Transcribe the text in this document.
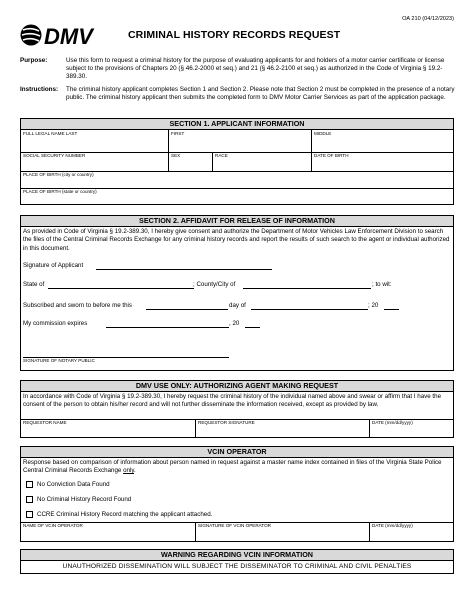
DMV	CRIMINAL HISTORY RECORDS REQUEST
OA 210 (04/12/2023)
Purpose:	Use this form to request a criminal history for the purpose of evaluating applicants for and holders of a motor carrier certificate or license subject to the provisions of Chapters 20 (§ 46.2-2000 et seq.) and 21 (§ 46.2-2100 et seq.) as authorized in the Code of Virginia § 19.2-389.30.
Instructions: The criminal history applicant completes Section 1 and Section 2. Please note that Section 2 must be completed in the presence of a notary public. The criminal history applicant then submits the completed form to DMV Motor Carrier Services as part of the application package.
SECTION 1. APPLICANT INFORMATION
FULL LEGAL NAME LAST	FIRST	MIDDLE
SOCIAL SECURITY NUMBER	SEX	RACE	DATE OF BIRTH
PLACE OF BIRTH (city or country)
PLACE OF BIRTH (state or country)
SECTION 2. AFFIDAVIT FOR RELEASE OF INFORMATION
As provided in Code of Virginia § 19.2-389.30, I hereby give consent and authorize the Department of Motor Vehicles Law Enforcement Division to search the files of the Central Criminal Records Exchange for any criminal history records and report the results of such search to the agent or individual authorized in this document.
Signature of Applicant
State of	; County/City of	; to wit:
Subscribed and sworn to before me this	day of	; 20
My commission expires	, 20
SIGNATURE OF NOTARY PUBLIC
DMV USE ONLY: AUTHORIZING AGENT MAKING REQUEST
In accordance with Code of Virginia § 19.2-389.30, I hereby request the criminal history of the individual named above and swear or affirm that I have the consent of the person to obtain his/her record and will not further disseminate the information received, except as provided by law.
REQUESTOR NAME	REQUESTOR SIGNATURE	DATE (mm/dd/yyyy)
VCIN OPERATOR
Response based on comparison of information about person named in request against a master name index contained in files of the Virginia State Police Central Criminal Records Exchange only.
No Conviction Data Found
No Criminal History Record Found
CCRE Criminal History Record matching the applicant attached.
NAME OF VCIN OPERATOR	SIGNATURE OF VCIN OPERATOR	DATE (mm/dd/yyyy)
WARNING REGARDING VCIN INFORMATION
UNAUTHORIZED DISSEMINATION WILL SUBJECT THE DISSEMINATOR TO CRIMINAL AND CIVIL PENALTIES
